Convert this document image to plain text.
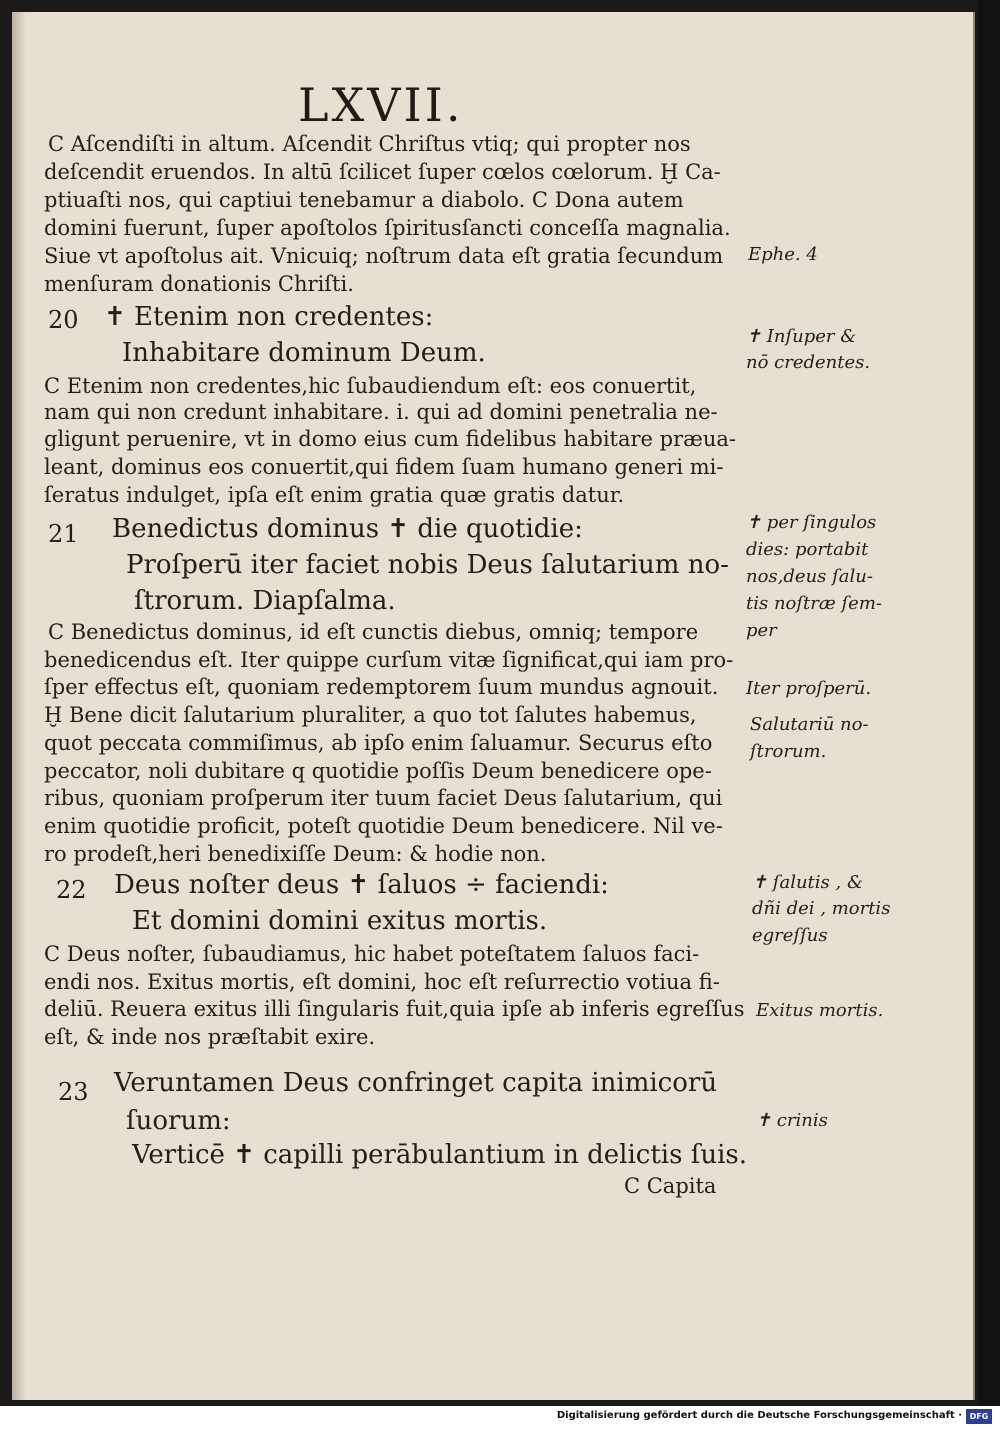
LXVII.
Ⅽ Aſcendiſti in altum. Aſcendit Chriſtus vtiq; qui propter nos
deſcendit eruendos. In altū ſcilicet ſuper cœlos cœlorum. Ḫ Ca‑
ptiuaſti nos, qui captiui tenebamur a diabolo. Ⅽ Dona autem
domini fuerunt, ſuper apoſtolos ſpiritusſancti conceſſa magnalia.
Siue vt apoſtolus ait. Vnicuiq; noſtrum data eſt gratia ſecundum
menſuram donationis Chriſti.
20 ✝ Etenim non credentes:
Inhabitare dominum Deum.
Ⅽ Etenim non credentes,hic ſubaudiendum eſt: eos conuertit,
nam qui non credunt inhabitare. i. qui ad domini penetralia ne‑
gligunt peruenire, vt in domo eius cum fidelibus habitare præua‑
leant, dominus eos conuertit,qui fidem ſuam humano generi mi‑
ſeratus indulget, ipſa eſt enim gratia quæ gratis datur.
21 Benedictus dominus ✝ die quotidie:
Proſperū iter faciet nobis Deus ſalutarium no‑
ſtrorum. Diapſalma.
Ⅽ Benedictus dominus, id eſt cunctis diebus, omniq; tempore
benedicendus eſt. Iter quippe curſum vitæ ſignificat,qui iam pro‑
ſper effectus eſt, quoniam redemptorem ſuum mundus agnouit.
Ḫ Bene dicit ſalutarium pluraliter, a quo tot ſalutes habemus,
quot peccata commiſimus, ab ipſo enim ſaluamur. Securus eſto
peccator, noli dubitare q quotidie poſſis Deum benedicere ope‑
ribus, quoniam proſperum iter tuum faciet Deus ſalutarium, qui
enim quotidie proficit, poteſt quotidie Deum benedicere. Nil ve‑
ro prodeſt,heri benedixiſſe Deum: & hodie non.
22 Deus noſter deus ✝ ſaluos ÷ faciendi:
Et domini domini exitus mortis.
Ⅽ Deus noſter, ſubaudiamus, hic habet poteſtatem ſaluos faci‑
endi nos. Exitus mortis, eſt domini, hoc eſt reſurrectio votiua fi‑
deliū. Reuera exitus illi ſingularis fuit,quia ipſe ab inferis egreſſus
eſt, & inde nos præſtabit exire.
23 Veruntamen Deus confringet capita inimicorū
ſuorum:
Verticē ✝ capilli perābulantium in delictis ſuis.
Ⅽ Capita
Ephe. 4
✝ Inſuper &
nō credentes.
✝ per ſingulos
dies: portabit
nos,deus ſalu‑
tis noſtræ ſem‑
per
Iter proſperū.
Salutariū no‑
ſtrorum.
✝ ſalutis , &
dñi dei , mortis
egreſſus
Exitus mortis.
✝ crinis
Digitalisierung gefördert durch die Deutsche Forschungsgemeinschaft · DFG
